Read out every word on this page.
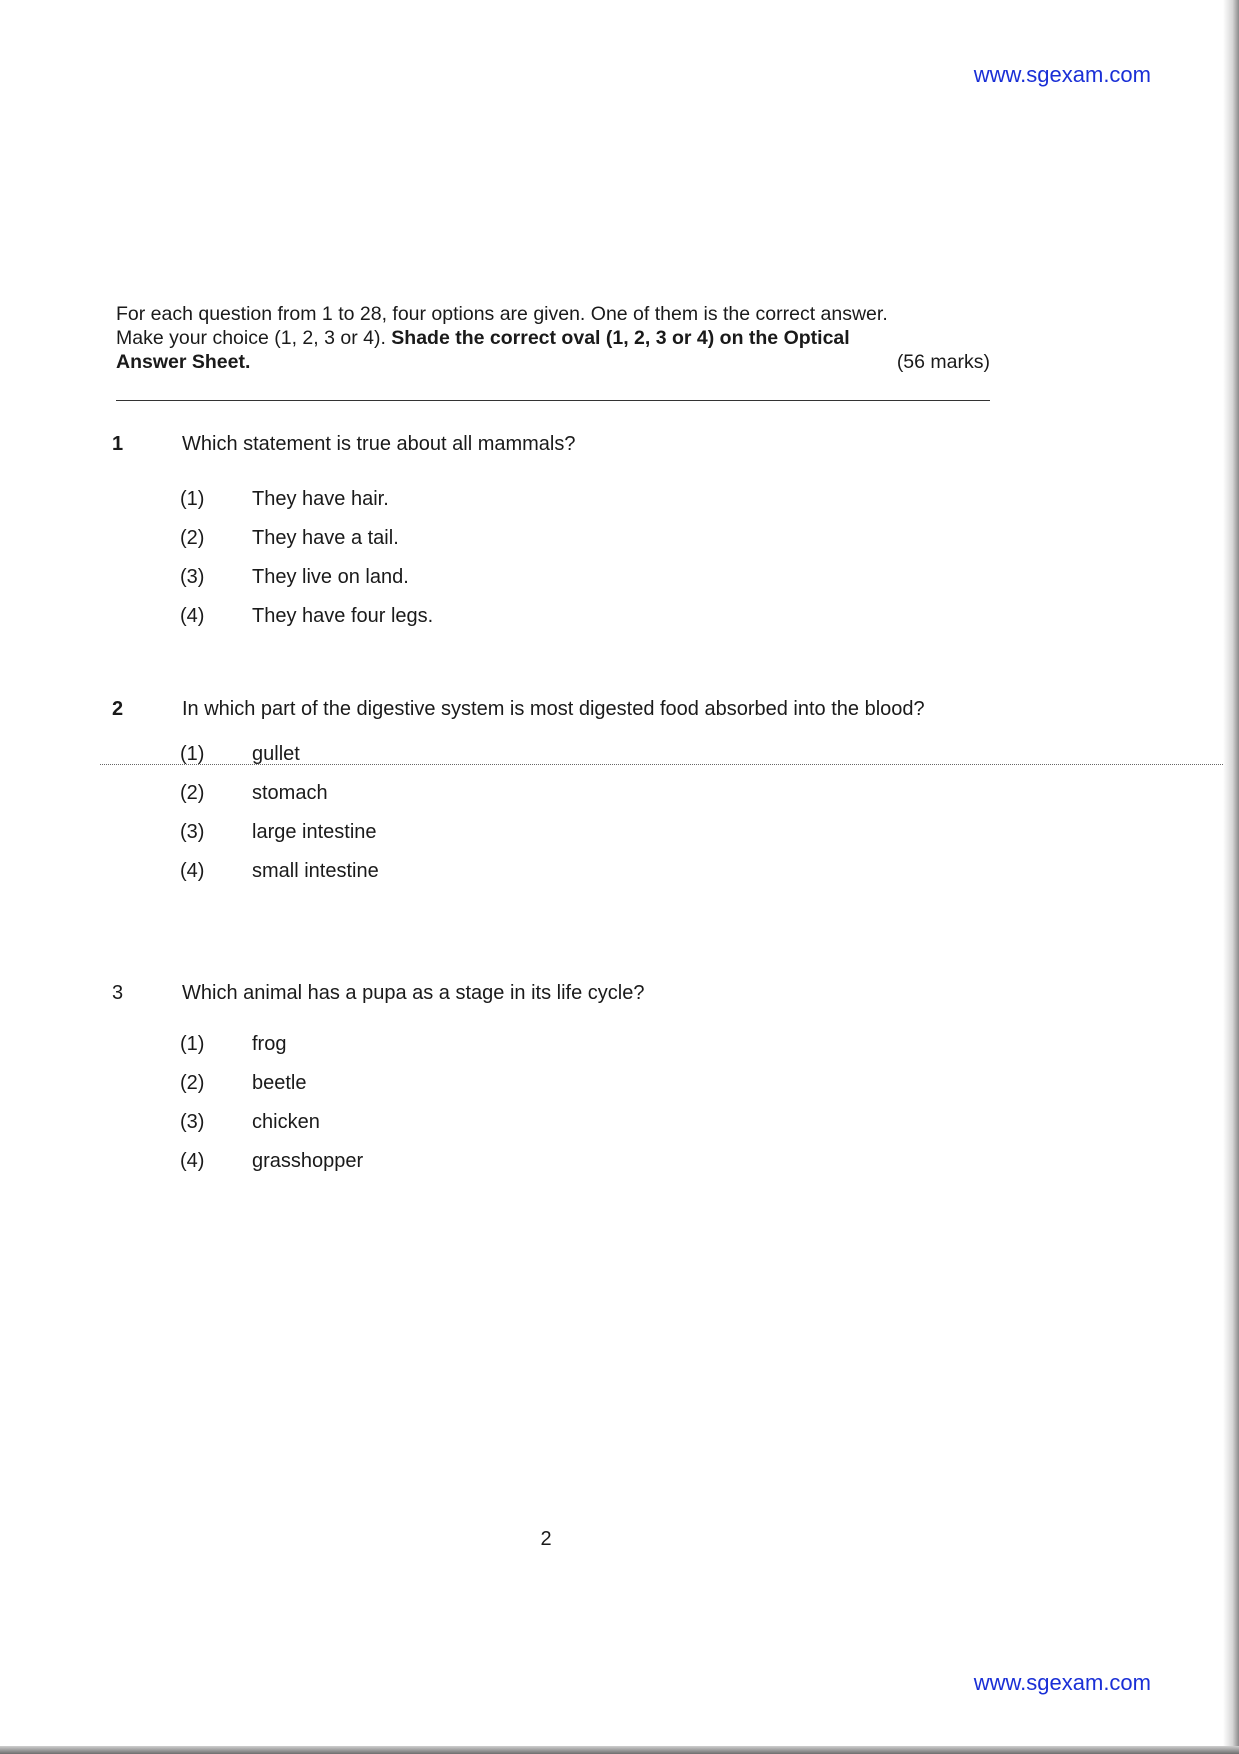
www.sgexam.com
For each question from 1 to 28, four options are given. One of them is the correct answer.
Make your choice (1, 2, 3 or 4). Shade the correct oval (1, 2, 3 or 4) on the Optical
Answer Sheet.	(56 marks)
1	Which statement is true about all mammals?
(1)	They have hair.
(2)	They have a tail.
(3)	They live on land.
(4)	They have four legs.
2	In which part of the digestive system is most digested food absorbed into the blood?
(1)	gullet
(2)	stomach
(3)	large intestine
(4)	small intestine
3	Which animal has a pupa as a stage in its life cycle?
(1)	frog
(2)	beetle
(3)	chicken
(4)	grasshopper
2
www.sgexam.com
